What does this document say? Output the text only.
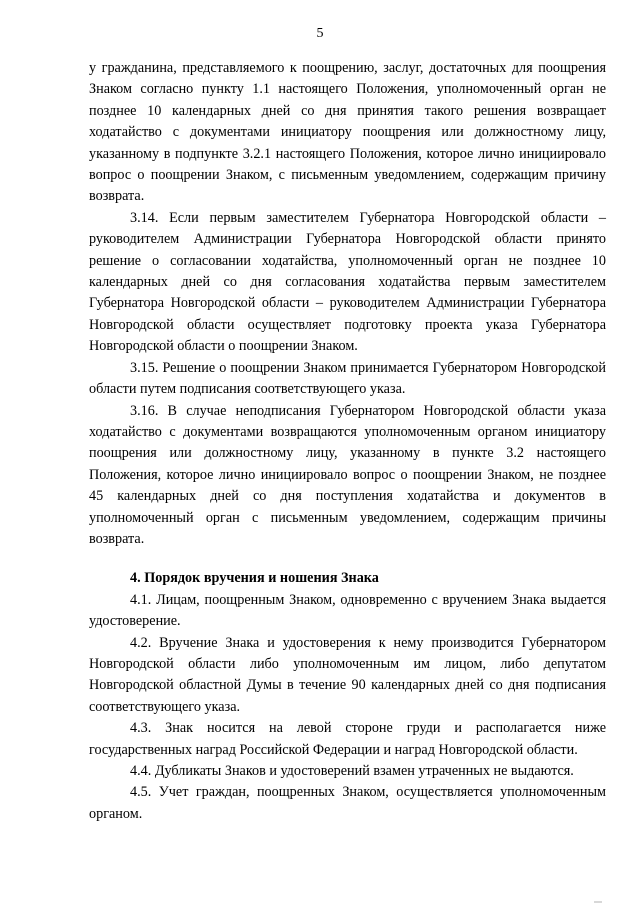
5

у гражданина, представляемого к поощрению, заслуг, достаточных для поощрения Знаком согласно пункту 1.1 настоящего Положения, уполномоченный орган не позднее 10 календарных дней со дня принятия такого решения возвращает ходатайство с документами инициатору поощрения или должностному лицу, указанному в подпункте 3.2.1 настоящего Положения, которое лично инициировало вопрос о поощрении Знаком, с письменным уведомлением, содержащим причину возврата.

3.14. Если первым заместителем Губернатора Новгородской области – руководителем Администрации Губернатора Новгородской области принято решение о согласовании ходатайства, уполномоченный орган не позднее 10 календарных дней со дня согласования ходатайства первым заместителем Губернатора Новгородской области – руководителем Администрации Губернатора Новгородской области осуществляет подготовку проекта указа Губернатора Новгородской области о поощрении Знаком.

3.15. Решение о поощрении Знаком принимается Губернатором Новгородской области путем подписания соответствующего указа.

3.16. В случае неподписания Губернатором Новгородской области указа ходатайство с документами возвращаются уполномоченным органом инициатору поощрения или должностному лицу, указанному в пункте 3.2 настоящего Положения, которое лично инициировало вопрос о поощрении Знаком, не позднее 45 календарных дней со дня поступления ходатайства и документов в уполномоченный орган с письменным уведомлением, содержащим причины возврата.

4. Порядок вручения и ношения Знака

4.1. Лицам, поощренным Знаком, одновременно с вручением Знака выдается удостоверение.

4.2. Вручение Знака и удостоверения к нему производится Губернатором Новгородской области либо уполномоченным им лицом, либо депутатом Новгородской областной Думы в течение 90 календарных дней со дня подписания соответствующего указа.

4.3. Знак носится на левой стороне груди и располагается ниже государственных наград Российской Федерации и наград Новгородской области.

4.4. Дубликаты Знаков и удостоверений взамен утраченных не выдаются.

4.5. Учет граждан, поощренных Знаком, осуществляется уполномоченным органом.
